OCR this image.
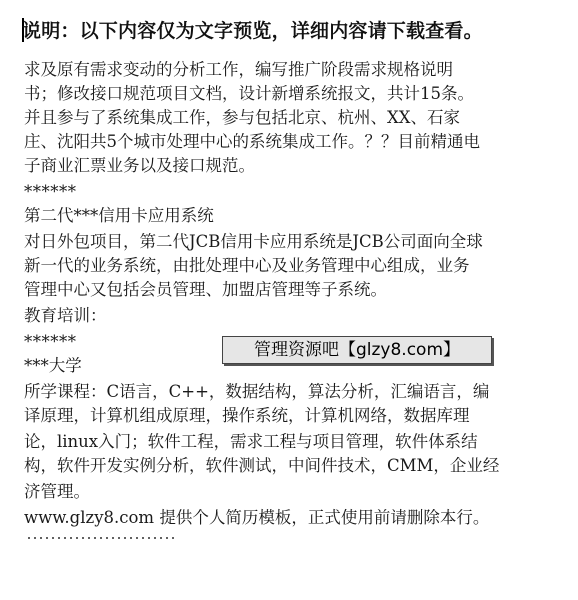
说明：以下内容仅为文字预览，详细内容请下载查看。
求及原有需求变动的分析工作，编写推广阶段需求规格说明
书；修改接口规范项目文档，设计新增系统报文，共计15条。
并且参与了系统集成工作，参与包括北京、杭州、XX、石家
庄、沈阳共5个城市处理中心的系统集成工作。？？目前精通电
子商业汇票业务以及接口规范。
******
第二代***信用卡应用系统
对日外包项目，第二代JCB信用卡应用系统是JCB公司面向全球
新一代的业务系统，由批处理中心及业务管理中心组成，业务
管理中心又包括会员管理、加盟店管理等子系统。
教育培训：
******
***大学
所学课程：C语言，C++，数据结构，算法分析，汇编语言，编
译原理，计算机组成原理，操作系统，计算机网络，数据库理
论，linux入门；软件工程，需求工程与项目管理，软件体系结
构，软件开发实例分析，软件测试，中间件技术，CMM，企业经
济管理。
www.glzy8.com 提供个人简历模板，正式使用前请删除本行。
管理资源吧【glzy8.com】
